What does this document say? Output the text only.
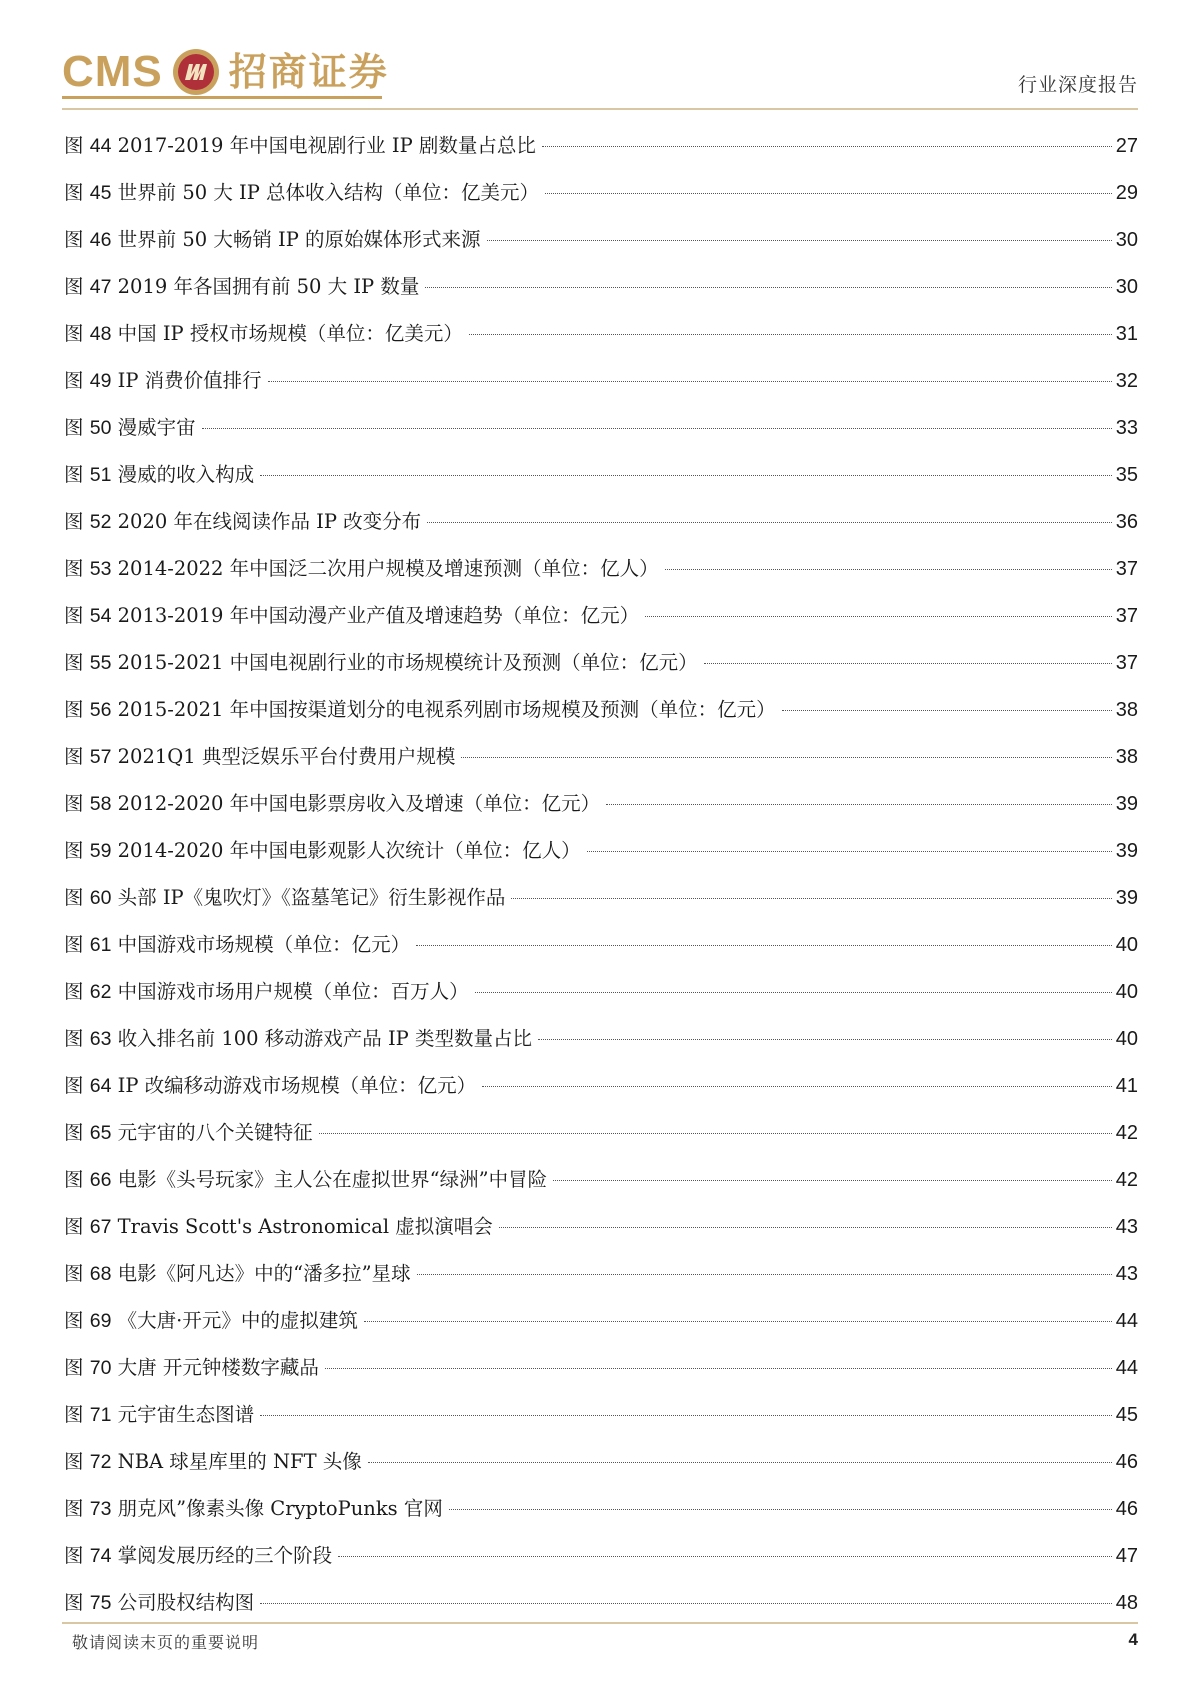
CMS 招商证券	行业深度报告
图 44 2017-2019 年中国电视剧行业 IP 剧数量占总比	27
图 45 世界前 50 大 IP 总体收入结构（单位：亿美元）	29
图 46 世界前 50 大畅销 IP 的原始媒体形式来源	30
图 47 2019 年各国拥有前 50 大 IP 数量	30
图 48 中国 IP 授权市场规模（单位：亿美元）	31
图 49 IP 消费价值排行	32
图 50 漫威宇宙	33
图 51 漫威的收入构成	35
图 52 2020 年在线阅读作品 IP 改变分布	36
图 53 2014-2022 年中国泛二次用户规模及增速预测（单位：亿人）	37
图 54 2013-2019 年中国动漫产业产值及增速趋势（单位：亿元）	37
图 55 2015-2021 中国电视剧行业的市场规模统计及预测（单位：亿元）	37
图 56 2015-2021 年中国按渠道划分的电视系列剧市场规模及预测（单位：亿元）	38
图 57 2021Q1 典型泛娱乐平台付费用户规模	38
图 58 2012-2020 年中国电影票房收入及增速（单位：亿元）	39
图 59 2014-2020 年中国电影观影人次统计（单位：亿人）	39
图 60 头部 IP《鬼吹灯》《盗墓笔记》衍生影视作品	39
图 61 中国游戏市场规模（单位：亿元）	40
图 62 中国游戏市场用户规模（单位：百万人）	40
图 63 收入排名前 100 移动游戏产品 IP 类型数量占比	40
图 64 IP 改编移动游戏市场规模（单位：亿元）	41
图 65 元宇宙的八个关键特征	42
图 66 电影《头号玩家》主人公在虚拟世界“绿洲”中冒险	42
图 67 Travis Scott's Astronomical 虚拟演唱会	43
图 68 电影《阿凡达》中的“潘多拉”星球	43
图 69 《大唐·开元》中的虚拟建筑	44
图 70 大唐 开元钟楼数字藏品	44
图 71 元宇宙生态图谱	45
图 72 NBA 球星库里的 NFT 头像	46
图 73 朋克风”像素头像 CryptoPunks 官网	46
图 74 掌阅发展历经的三个阶段	47
图 75 公司股权结构图	48
敬请阅读末页的重要说明	4
